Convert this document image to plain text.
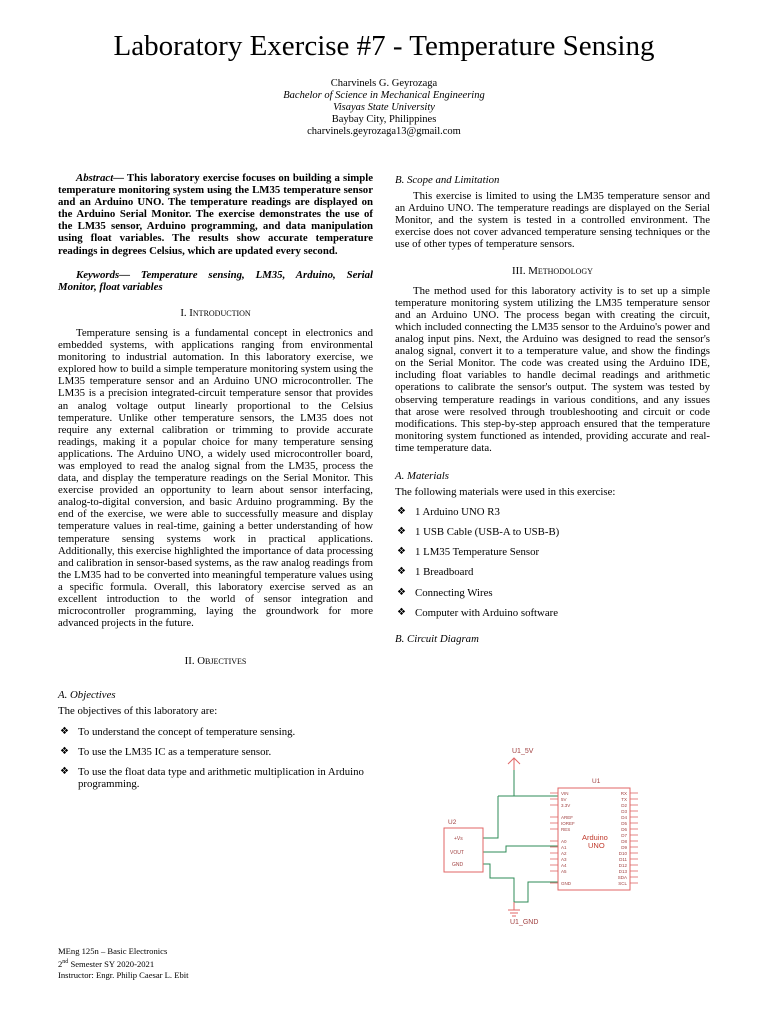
Laboratory Exercise #7 - Temperature Sensing
Charvinels G. Geyrozaga
Bachelor of Science in Mechanical Engineering
Visayas State University
Baybay City, Philippines
charvinels.geyrozaga13@gmail.com

Abstract— This laboratory exercise focuses on building a simple temperature monitoring system using the LM35 temperature sensor and an Arduino UNO. The temperature readings are displayed on the Arduino Serial Monitor. The exercise demonstrates the use of the LM35 sensor, Arduino programming, and data manipulation using float variables. The results show accurate temperature readings in degrees Celsius, which are updated every second.

Keywords— Temperature sensing, LM35, Arduino, Serial Monitor, float variables

I. Introduction

Temperature sensing is a fundamental concept in electronics and embedded systems, with applications ranging from environmental monitoring to industrial automation. In this laboratory exercise, we explored how to build a simple temperature monitoring system using the LM35 temperature sensor and an Arduino UNO microcontroller. The LM35 is a precision integrated-circuit temperature sensor that provides an analog voltage output linearly proportional to the Celsius temperature. Unlike other temperature sensors, the LM35 does not require any external calibration or trimming to provide accurate readings, making it a popular choice for many temperature sensing applications. The Arduino UNO, a widely used microcontroller board, was employed to read the analog signal from the LM35, process the data, and display the temperature readings on the Serial Monitor. This exercise provided an opportunity to learn about sensor interfacing, analog-to-digital conversion, and basic Arduino programming. By the end of the exercise, we were able to successfully measure and display temperature values in real-time, gaining a better understanding of how temperature sensing systems work in practical applications. Additionally, this exercise highlighted the importance of data processing and calibration in sensor-based systems, as the raw analog readings from the LM35 had to be converted into meaningful temperature values using a specific formula. Overall, this laboratory exercise served as an excellent introduction to the world of sensor integration and microcontroller programming, laying the groundwork for more advanced projects in the future.

II. Objectives
A. Objectives

The objectives of this laboratory are:

❖ To understand the concept of temperature sensing.
❖ To use the LM35 IC as a temperature sensor.
❖ To use the float data type and arithmetic multiplication in Arduino programming.
B. Scope and Limitation

This exercise is limited to using the LM35 temperature sensor and an Arduino UNO. The temperature readings are displayed on the Serial Monitor, and the system is tested in a controlled environment. The exercise does not cover advanced temperature sensing techniques or the use of other types of temperature sensors.

III. Methodology

The method used for this laboratory activity is to set up a simple temperature monitoring system utilizing the LM35 temperature sensor and an Arduino UNO. The process began with creating the circuit, which included connecting the LM35 sensor to the Arduino's power and analog input pins. Next, the Arduino was designed to read the sensor's analog signal, convert it to a temperature value, and show the findings on the Serial Monitor. The code was created using the Arduino IDE, including float variables to handle decimal readings and arithmetic operations to calibrate the sensor's output. The system was tested by observing temperature readings in various conditions, and any issues that arose were resolved through troubleshooting and circuit or code modifications. This step-by-step approach ensured that the temperature monitoring system functioned as intended, providing accurate and real-time temperature data.

A. Materials

The following materials were used in this exercise:

❖ 1 Arduino UNO R3
❖ 1 USB Cable (USB-A to USB-B)
❖ 1 LM35 Temperature Sensor
❖ 1 Breadboard
❖ Connecting Wires
❖ Computer with Arduino software
B. Circuit Diagram
U1_5V
U1_GND
U2
+Vs
VOUT
GND
U1
Arduino
UNO
VIN
5V
3.3V
AREF
IOREF
RES
A0
A1
A2
A3
A4
A5
GND
RX
TX
D2
D3
D4
D5
D6
D7
D8
D9
D10
D11
D12
D13
SDA
SCL
MEng 125n – Basic Electronics
2nd Semester SY 2020-2021
Instructor: Engr. Philip Caesar L. Ebit
